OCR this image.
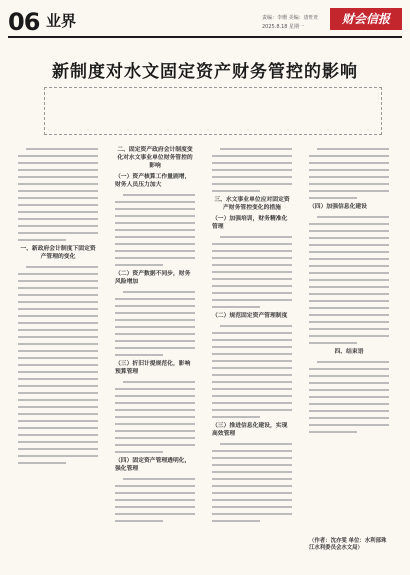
06 业界	责编：李珊 美编：唐旺旺
2025.8.18 星期一
财会信报
新制度对水文固定资产财务管控的影响
一、新政府会计制度下固定资产管理的变化
二、固定资产政府会计制度变化对水文事业单位财务管控的影响
（一）资产核算工作量剧增，财务人员压力加大
（二）资产数据不同步，财务风险增加
（三）折旧计提规范化，影响预算管理
（四）固定资产管理透明化，强化管理
三、水文事业单位应对固定资产财务管控变化的措施
（一）加强培训，财务精准化管理
（二）规范固定资产管理制度
（三）推进信息化建设，实现高效管理
（四）加强信息化建设
四、结束语
（作者：沈亦雯 单位：水利部珠江水利委员会水文局）
